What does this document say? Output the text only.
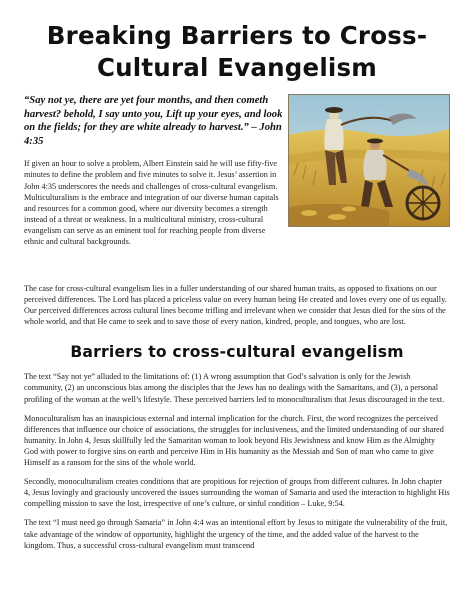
Breaking Barriers to Cross-
Cultural Evangelism

“Say not ye, there are yet four months, and then cometh harvest? behold, I say unto you, Lift up your eyes, and look on the fields; for they are white already to harvest.” – John 4:35

If given an hour to solve a problem, Albert Einstein said he will use fifty-five minutes to define the problem and five minutes to solve it. Jesus’ assertion in John 4:35 underscores the needs and challenges of cross-cultural evangelism. Multiculturalism is the embrace and integration of our diverse human capitals and resources for a common good, where our diversity becomes a strength instead of a threat or weakness. In a multicultural ministry, cross-cultural evangelism can serve as an eminent tool for reaching people from diverse ethnic and cultural backgrounds.

The case for cross-cultural evangelism lies in a fuller understanding of our shared human traits, as opposed to fixations on our perceived differences. The Lord has placed a priceless value on every human being He created and loves every one of us equally. Our perceived differences across cultural lines become trifling and irrelevant when we consider that Jesus died for the sins of the whole world, and that He came to seek and to save those of every nation, kindred, people, and tongues, who are lost.

Barriers to cross-cultural evangelism

The text “Say not ye” alluded to the limitations of: (1) A wrong assumption that God’s salvation is only for the Jewish community, (2) an unconscious bias among the disciples that the Jews has no dealings with the Samaritans, and (3), a personal profiling of the woman at the well’s lifestyle. These perceived barriers led to monoculturalism that Jesus discouraged in the text.

Monoculturalism has an inauspicious external and internal implication for the church. First, the word recognizes the perceived differences that influence our choice of associations, the struggles for inclusiveness, and the limited understanding of our shared humanity. In John 4, Jesus skillfully led the Samaritan woman to look beyond His Jewishness and know Him as the Almighty God with power to forgive sins on earth and perceive Him in His humanity as the Messiah and Son of man who came to give Himself as a ransom for the sins of the whole world.

Secondly, monoculturalism creates conditions that are propitious for rejection of groups from different cultures. In John chapter 4, Jesus lovingly and graciously uncovered the issues surrounding the woman of Samaria and used the interaction to highlight His compelling mission to save the lost, irrespective of one’s culture, or sinful condition – Luke, 9:54.

The text “I must need go through Samaria” in John 4:4 was an intentional effort by Jesus to mitigate the vulnerability of the fruit, take advantage of the window of opportunity, highlight the urgency of the time, and the added value of the harvest to the kingdom. Thus, a successful cross-cultural evangelism must transcend
